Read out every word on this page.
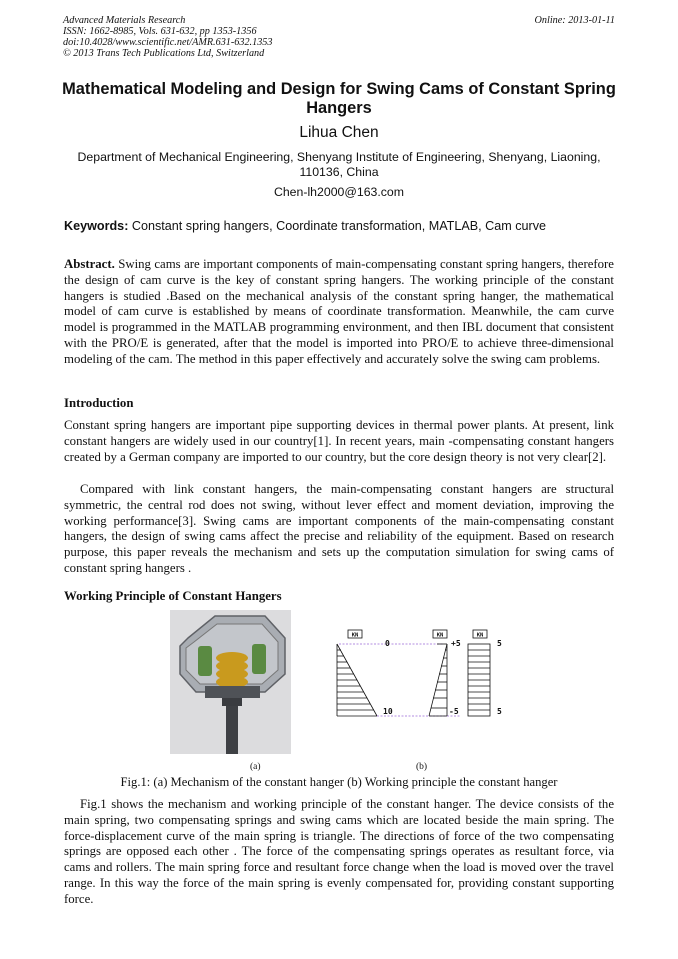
Advanced Materials Research
ISSN: 1662-8985, Vols. 631-632, pp 1353-1356
doi:10.4028/www.scientific.net/AMR.631-632.1353
© 2013 Trans Tech Publications Ltd, Switzerland
Online: 2013-01-11
Mathematical Modeling and Design for Swing Cams of Constant Spring Hangers
Lihua Chen
Department of Mechanical Engineering, Shenyang Institute of Engineering, Shenyang, Liaoning, 110136, China
Chen-lh2000@163.com
Keywords: Constant spring hangers, Coordinate transformation, MATLAB, Cam curve
Abstract. Swing cams are important components of main-compensating constant spring hangers, therefore the design of cam curve is the key of constant spring hangers. The working principle of the constant hangers is studied .Based on the mechanical analysis of the constant spring hanger, the mathematical model of cam curve is established by means of coordinate transformation. Meanwhile, the cam curve model is programmed in the MATLAB programming environment, and then IBL document that consistent with the PRO/E is generated, after that the model is imported into PRO/E to achieve three-dimensional modeling of the cam. The method in this paper effectively and accurately solve the swing cam problems.
Introduction
Constant spring hangers are important pipe supporting devices in thermal power plants. At present, link constant hangers are widely used in our country[1]. In recent years, main -compensating constant hangers created by a German company are imported to our country, but the core design theory is not very clear[2].
Compared with link constant hangers, the main-compensating constant hangers are structural symmetric, the central rod does not swing, without lever effect and moment deviation, improving the working performance[3]. Swing cams are important components of the main-compensating constant hangers, the design of swing cams affect the precise and reliability of the equipment. Based on research purpose, this paper reveals the mechanism and sets up the computation simulation for swing cams of constant spring hangers .
Working Principle of Constant Hangers
KN	KN	KN
0
10
+5
-5
5
5
(a)	(b)
Fig.1: (a) Mechanism of the constant hanger (b) Working principle the constant hanger
Fig.1 shows the mechanism and working principle of the constant hanger. The device consists of the main spring, two compensating springs and swing cams which are located beside the main spring. The force-displacement curve of the main spring is triangle. The directions of force of the two compensating springs are opposed each other . The force of the compensating springs operates as resultant force, via cams and rollers. The main spring force and resultant force change when the load is moved over the travel range. In this way the force of the main spring is evenly compensated for, providing constant supporting force.
